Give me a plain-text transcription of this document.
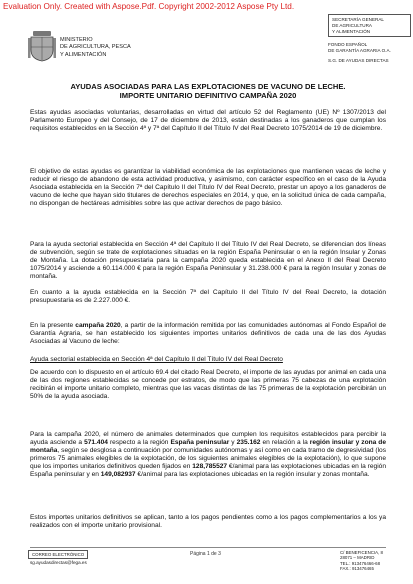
Evaluation Only. Created with Aspose.Pdf. Copyright 2002-2012 Aspose Pty Ltd.
MINISTERIO
DE AGRICULTURA, PESCA
Y ALIMENTACIÓN
SECRETARÍA GENERAL
DE AGRICULTURA
Y ALIMENTACIÓN
FONDO ESPAÑOL
DE GARANTÍA AGRARIA O.A.
S.G. DE AYUDAS DIRECTAS
AYUDAS ASOCIADAS PARA LAS EXPLOTACIONES DE VACUNO DE LECHE.
IMPORTE UNITARIO DEFINITIVO CAMPAÑA 2020

Estas ayudas asociadas voluntarias, desarrolladas en virtud del artículo 52 del Reglamento (UE) Nº 1307/2013 del Parlamento Europeo y del Consejo, de 17 de diciembre de 2013, están destinadas a los ganaderos que cumplan los requisitos establecidos en la Sección 4ª y 7ª del Capítulo II del Título IV del Real Decreto 1075/2014 de 19 de diciembre.

El objetivo de estas ayudas es garantizar la viabilidad económica de las explotaciones que mantienen vacas de leche y reducir el riesgo de abandono de esta actividad productiva, y asimismo, con carácter específico en el caso de la Ayuda Asociada establecida en la Sección 7ª del Capítulo II del Título IV del Real Decreto, prestar un apoyo a los ganaderos de vacuno de leche que hayan sido titulares de derechos especiales en 2014, y que, en la solicitud única de cada campaña, no dispongan de hectáreas admisibles sobre las que activar derechos de pago básico.

Para la ayuda sectorial establecida en Sección 4ª del Capítulo II del Título IV del Real Decreto, se diferencian dos líneas de subvención, según se trate de explotaciones situadas en la región España Peninsular o en la región Insular y Zonas de Montaña. La dotación presupuestaria para la campaña 2020 queda establecida en el Anexo II del Real Decreto 1075/2014 y asciende a 60.114.000 € para la región España Peninsular y 31.238.000 € para la región Insular y zonas de montaña.

En cuanto a la ayuda establecida en la Sección 7ª del Capítulo II del Título IV del Real Decreto, la dotación presupuestaria es de 2.227.000 €.

En la presente campaña 2020, a partir de la información remitida por las comunidades autónomas al Fondo Español de Garantía Agraria, se han establecido los siguientes importes unitarios definitivos de cada una de las dos Ayudas Asociadas al Vacuno de leche:

Ayuda sectorial establecida en Sección 4ª del Capítulo II del Título IV del Real Decreto

De acuerdo con lo dispuesto en el artículo 69.4 del citado Real Decreto, el importe de las ayudas por animal en cada una de las dos regiones establecidas se concede por estratos, de modo que las primeras 75 cabezas de una explotación recibirán el importe unitario completo, mientras que las vacas distintas de las 75 primeras de la explotación percibirán un 50% de la ayuda asociada.

Para la campaña 2020, el número de animales determinados que cumplen los requisitos establecidos para percibir la ayuda asciende a 571.404 respecto a la región España peninsular y 235.162 en relación a la región insular y zona de montaña, según se desglosa a continuación por comunidades autónomas y así como en cada tramo de degresividad (los primeros 75 animales elegibles de la explotación, de los siguientes animales elegibles de la explotación), lo que supone que los importes unitarios definitivos queden fijados en 128,785527 €/animal para las explotaciones ubicadas en la región España peninsular y en 149,082937 €/animal para las explotaciones ubicadas en la región insular y zonas montaña.

Estos importes unitarios definitivos se aplican, tanto a los pagos pendientes como a los pagos complementarios a los ya realizados con el importe unitario provisional.

CORREO ELECTRÓNICO
sg.ayudasdirectas@fega.es
Página 1 de 3	C/ BENEFICENCIA, 8
28071 – MADRID
TEL.: 913476466-68
FAX.: 913476465
